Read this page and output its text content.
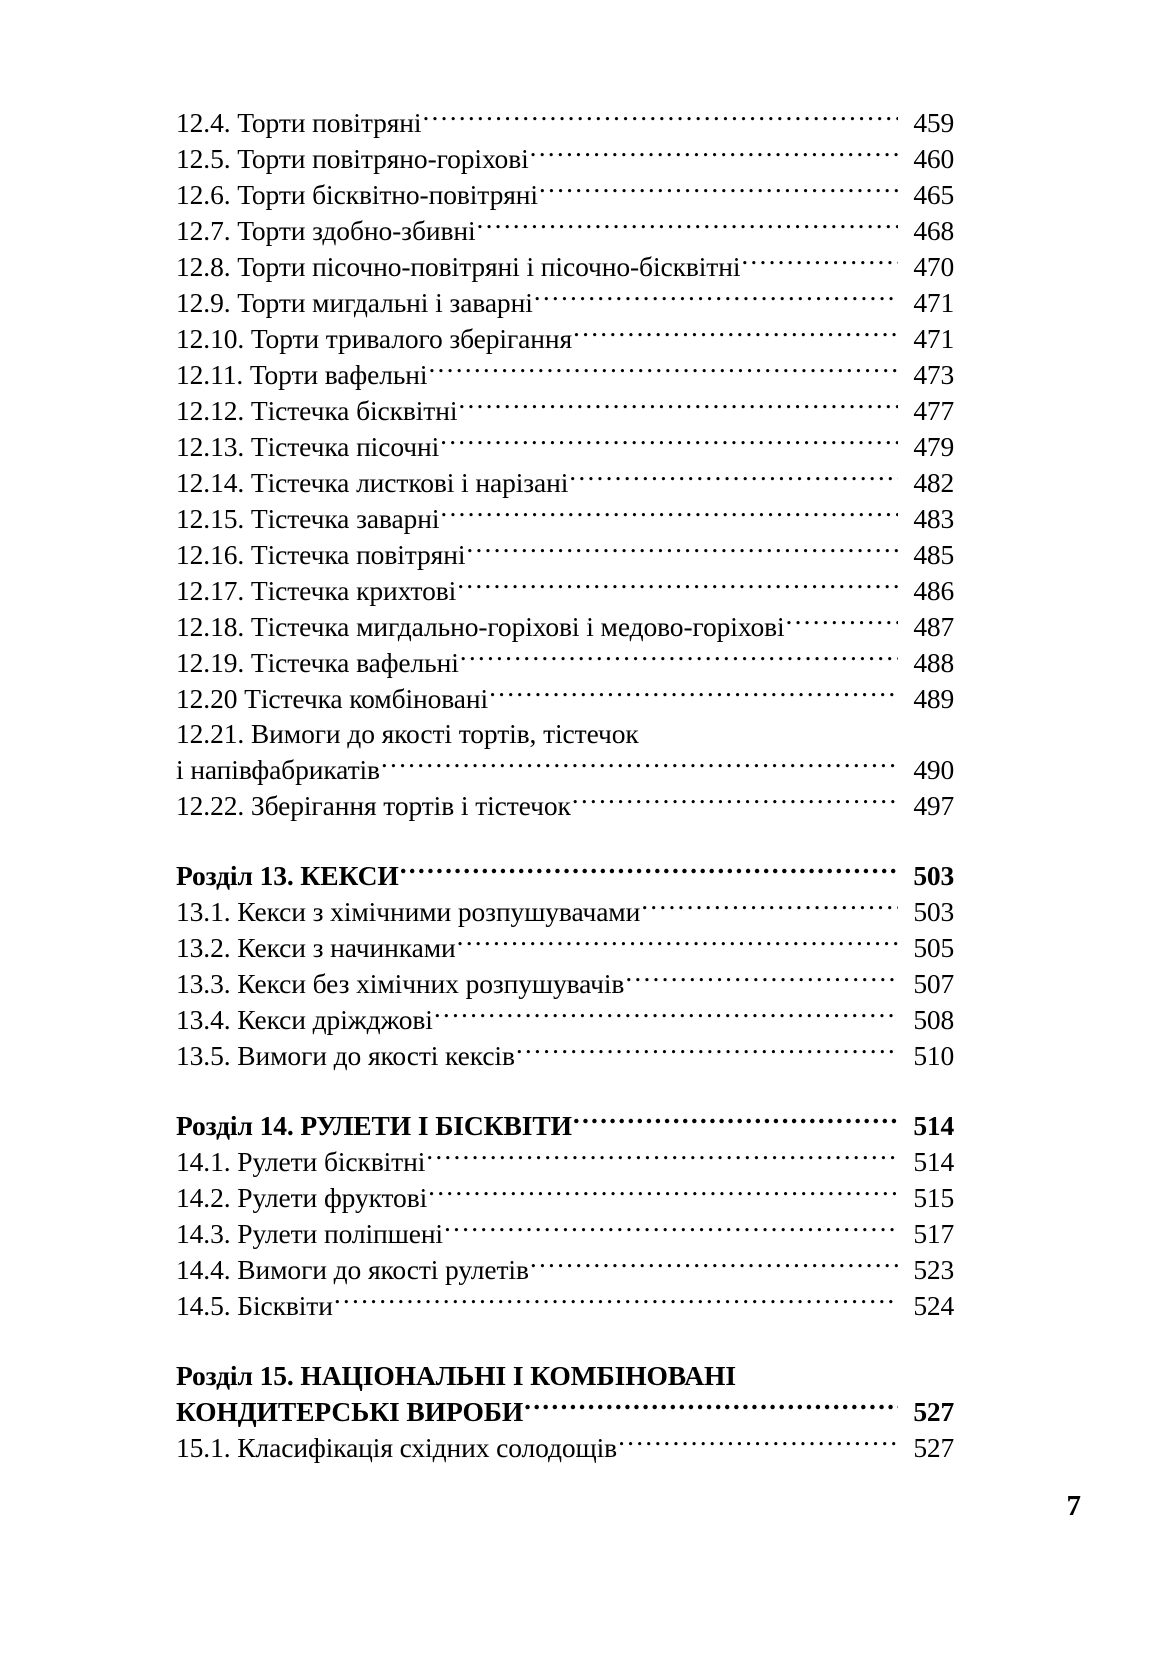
12.4. Торти повітряні .....	459
12.5. Торти повітряно-горіхові .....	460
12.6. Торти бісквітно-повітряні .....	465
12.7. Торти здобно-збивні .....	468
12.8. Торти пісочно-повітряні і пісочно-бісквітні .....	470
12.9. Торти мигдальні і заварні .....	471
12.10. Торти тривалого зберігання .....	471
12.11. Торти вафельні .....	473
12.12. Тістечка бісквітні .....	477
12.13. Тістечка пісочні .....	479
12.14. Тістечка листкові і нарізані .....	482
12.15. Тістечка заварні .....	483
12.16. Тістечка повітряні .....	485
12.17. Тістечка крихтові .....	486
12.18. Тістечка мигдально-горіхові і медово-горіхові .....	487
12.19. Тістечка вафельні .....	488
12.20 Тістечка комбіновані .....	489
12.21. Вимоги до якості тортів, тістечок
і напівфабрикатів .....	490
12.22. Зберігання тортів і тістечок .....	497
Розділ 13. КЕКСИ .....	503
13.1. Кекси з хімічними розпушувачами .....	503
13.2. Кекси з начинками .....	505
13.3. Кекси без хімічних розпушувачів .....	507
13.4. Кекси дріжджові .....	508
13.5. Вимоги до якості кексів .....	510
Розділ 14. РУЛЕТИ І БІСКВІТИ .....	514
14.1. Рулети бісквітні .....	514
14.2. Рулети фруктові .....	515
14.3. Рулети поліпшені .....	517
14.4. Вимоги до якості рулетів .....	523
14.5. Бісквіти .....	524
Розділ 15. НАЦІОНАЛЬНІ І КОМБІНОВАНІ
КОНДИТЕРСЬКІ ВИРОБИ .....	527
15.1. Класифікація східних солодощів .....	527
7
